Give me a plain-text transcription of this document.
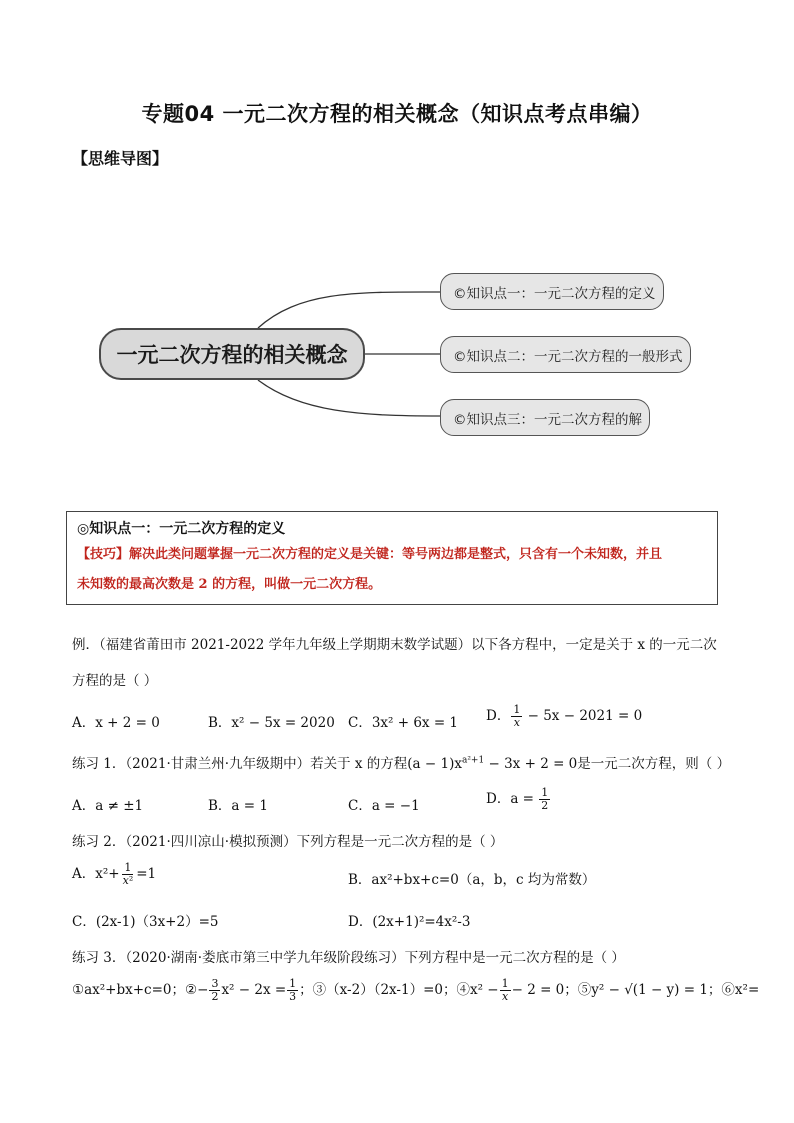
专题04 一元二次方程的相关概念（知识点考点串编）
【思维导图】
一元二次方程的相关概念
©知识点一：一元二次方程的定义
©知识点二：一元二次方程的一般形式
©知识点三：一元二次方程的解
◎知识点一：一元二次方程的定义
【技巧】解决此类问题掌握一元二次方程的定义是关键：等号两边都是整式，只含有一个未知数，并且
未知数的最高次数是 2 的方程，叫做一元二次方程。
例．（福建省莆田市 2021-2022 学年九年级上学期期末数学试题）以下各方程中，一定是关于 x 的一元二次
方程的是（ ）
A．x + 2 = 0	B．x² − 5x = 2020 C．3x² + 6x = 1 D． $\frac{1}{x} - 5x - 2021 = 0$
练习 1．（2021·甘肃兰州·九年级期中）若关于 x 的方程$(a - 1)x^{a^2+1} - 3x + 2 = 0$是一元二次方程，则（ ）
A．a ≠ ±1	B．a = 1	C．a = −1	D．$a = \frac{1}{2}$
练习 2．（2021·四川凉山·模拟预测）下列方程是一元二次方程的是（ ）
A．$x^2+ \frac{1}{\text{x²}} =1$	B．ax²+bx+c=0（a，b，c 均为常数）
C．(2x-1)（3x+2）=5	D．(2x+1)²=4x²-3
练习 3．（2020·湖南·娄底市第三中学九年级阶段练习）下列方程中是一元二次方程的是（ ）
①ax²+bx+c=0；②− $\frac{3}{2} x^2 - 2x = \frac{1}{3}$ ；③（x-2）（2x-1）=0；④x² − $\frac{1}{x} - 2 = 0$；⑤y² − √(1 − y) = 1；⑥x²=
